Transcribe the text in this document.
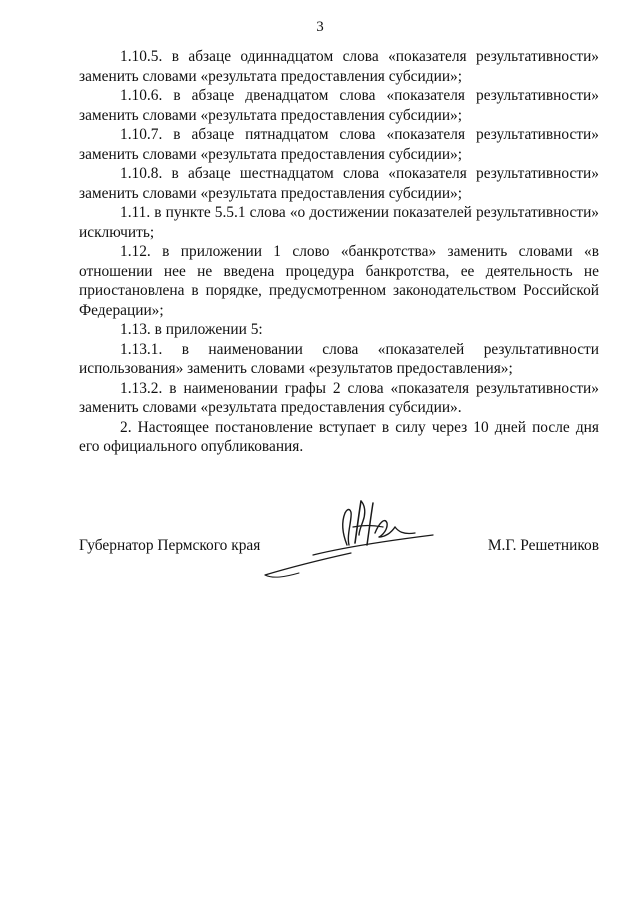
3

1.10.5. в абзаце одиннадцатом слова «показателя результативности» заменить словами «результата предоставления субсидии»;

1.10.6. в абзаце двенадцатом слова «показателя результативности» заменить словами «результата предоставления субсидии»;

1.10.7. в абзаце пятнадцатом слова «показателя результативности» заменить словами «результата предоставления субсидии»;

1.10.8. в абзаце шестнадцатом слова «показателя результативности» заменить словами «результата предоставления субсидии»;

1.11. в пункте 5.5.1 слова «о достижении показателей результативности» исключить;

1.12. в приложении 1 слово «банкротства» заменить словами «в отношении нее не введена процедура банкротства, ее деятельность не приостановлена в порядке, предусмотренном законодательством Российской Федерации»;

1.13. в приложении 5:

1.13.1. в наименовании слова «показателей результативности использования» заменить словами «результатов предоставления»;

1.13.2. в наименовании графы 2 слова «показателя результативности» заменить словами «результата предоставления субсидии».

2. Настоящее постановление вступает в силу через 10 дней после дня его официального опубликования.

Губернатор Пермского края	М.Г. Решетников
